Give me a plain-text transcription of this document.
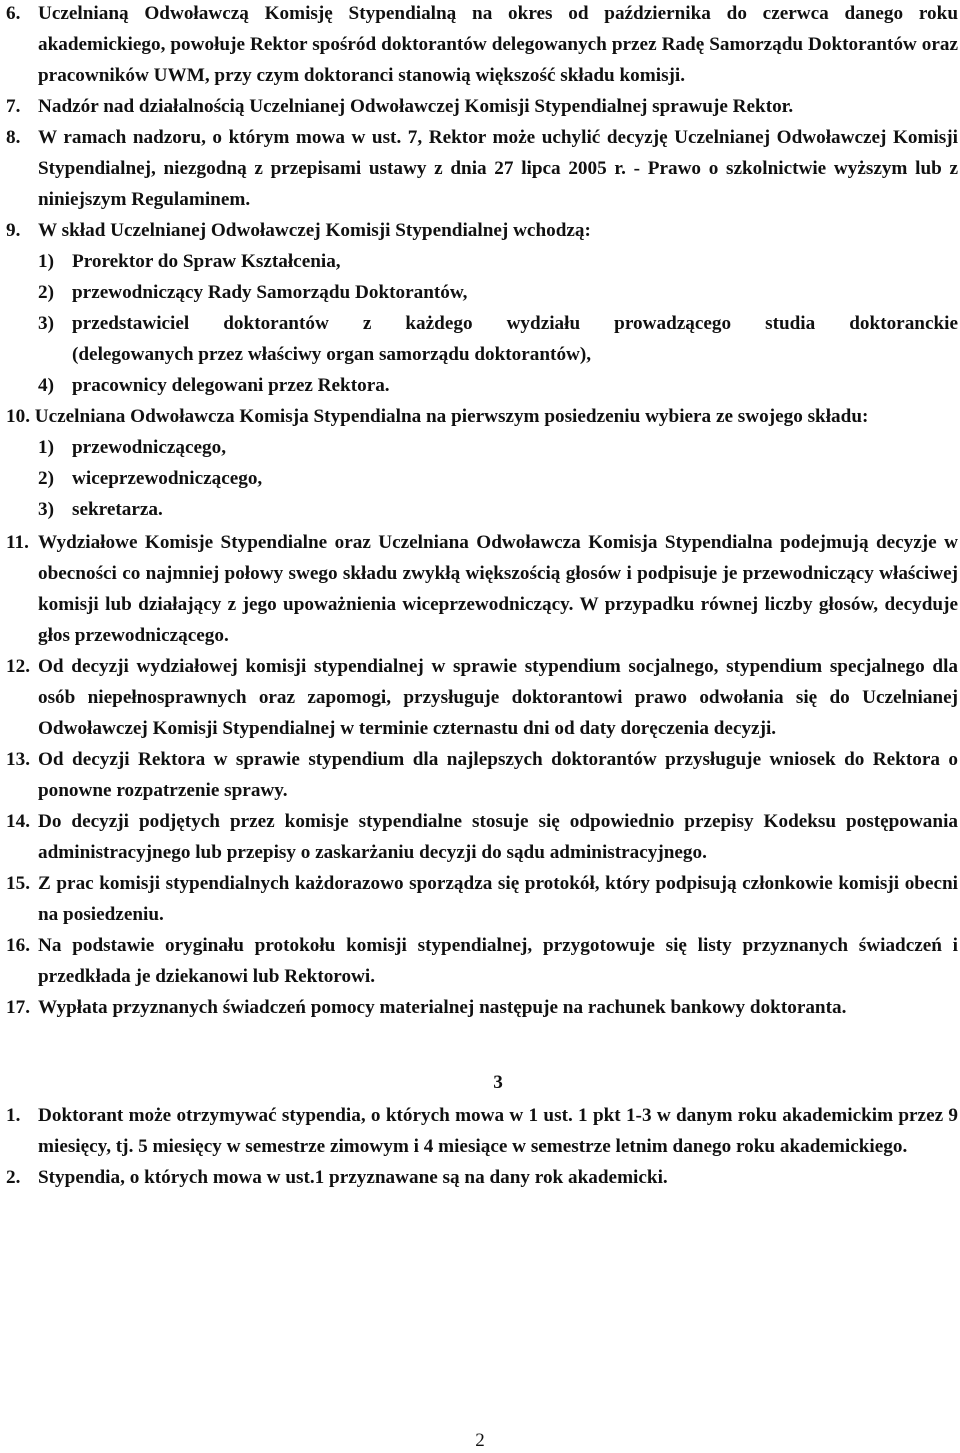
6. Uczelnianą Odwoławczą Komisję Stypendialną na okres od października do czerwca danego roku akademickiego, powołuje Rektor spośród doktorantów delegowanych przez Radę Samorządu Doktorantów oraz pracowników UWM, przy czym doktoranci stanowią większość składu komisji.
7. Nadzór nad działalnością Uczelnianej Odwoławczej Komisji Stypendialnej sprawuje Rektor.
8. W ramach nadzoru, o którym mowa w ust. 7, Rektor może uchylić decyzję Uczelnianej Odwoławczej Komisji Stypendialnej, niezgodną z przepisami ustawy z dnia 27 lipca 2005 r. - Prawo o szkolnictwie wyższym lub z niniejszym Regulaminem.
9. W skład Uczelnianej Odwoławczej Komisji Stypendialnej wchodzą:
1) Prorektor do Spraw Kształcenia,
2) przewodniczący Rady Samorządu Doktorantów,
3) przedstawiciel doktorantów z każdego wydziału prowadzącego studia doktoranckie
(delegowanych przez właściwy organ samorządu doktorantów),
4) pracownicy delegowani przez Rektora.
10. Uczelniana Odwoławcza Komisja Stypendialna na pierwszym posiedzeniu wybiera ze swojego składu:
1) przewodniczącego,
2) wiceprzewodniczącego,
3) sekretarza.
11. Wydziałowe Komisje Stypendialne oraz Uczelniana Odwoławcza Komisja Stypendialna podejmują decyzje w obecności co najmniej połowy swego składu zwykłą większością głosów i podpisuje je przewodniczący właściwej komisji lub działający z jego upoważnienia wiceprzewodniczący. W przypadku równej liczby głosów, decyduje głos przewodniczącego.
12. Od decyzji wydziałowej komisji stypendialnej w sprawie stypendium socjalnego, stypendium specjalnego dla osób niepełnosprawnych oraz zapomogi, przysługuje doktorantowi prawo odwołania się do Uczelnianej Odwoławczej Komisji Stypendialnej w terminie czternastu dni od daty doręczenia decyzji.
13. Od decyzji Rektora w sprawie stypendium dla najlepszych doktorantów przysługuje wniosek do Rektora o ponowne rozpatrzenie sprawy.
14. Do decyzji podjętych przez komisje stypendialne stosuje się odpowiednio przepisy Kodeksu postępowania administracyjnego lub przepisy o zaskarżaniu decyzji do sądu administracyjnego.
15. Z prac komisji stypendialnych każdorazowo sporządza się protokół, który podpisują członkowie komisji obecni na posiedzeniu.
16. Na podstawie oryginału protokołu komisji stypendialnej, przygotowuje się listy przyznanych świadczeń i przedkłada je dziekanowi lub Rektorowi.
17. Wypłata przyznanych świadczeń pomocy materialnej następuje na rachunek bankowy doktoranta.
3
1. Doktorant może otrzymywać stypendia, o których mowa w 1 ust. 1 pkt 1-3 w danym roku akademickim przez 9 miesięcy, tj. 5 miesięcy w semestrze zimowym i 4 miesiące w semestrze letnim danego roku akademickiego.
2. Stypendia, o których mowa w ust.1 przyznawane są na dany rok akademicki.
2
